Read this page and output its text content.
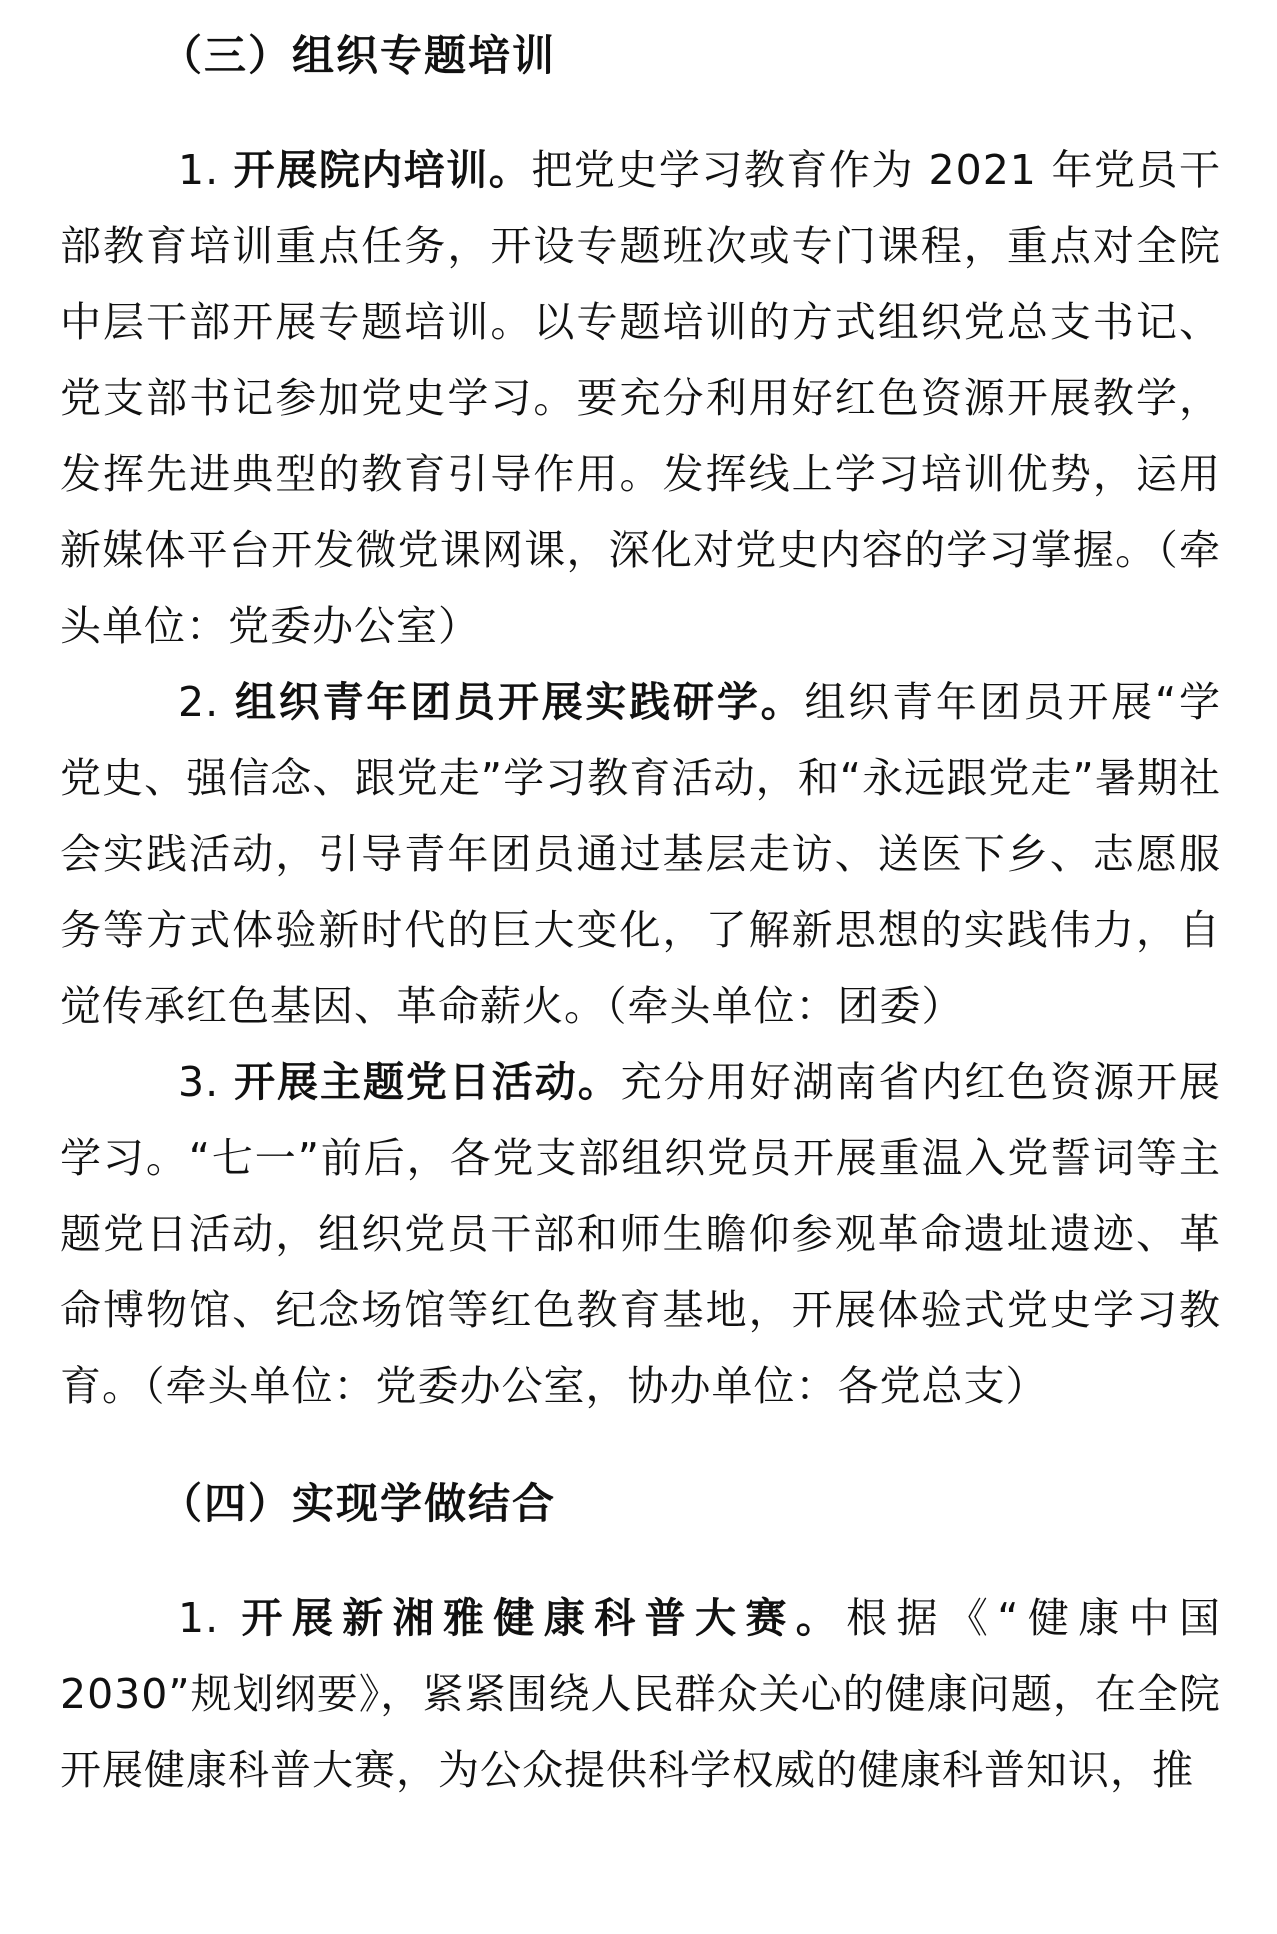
（三）组织专题培训

1. 开展院内培训。把党史学习教育作为 2021 年党员干部教育培训重点任务，开设专题班次或专门课程，重点对全院中层干部开展专题培训。以专题培训的方式组织党总支书记、党支部书记参加党史学习。要充分利用好红色资源开展教学，发挥先进典型的教育引导作用。发挥线上学习培训优势，运用新媒体平台开发微党课网课，深化对党史内容的学习掌握。（牵头单位：党委办公室）

2. 组织青年团员开展实践研学。组织青年团员开展“学党史、强信念、跟党走”学习教育活动，和“永远跟党走”暑期社会实践活动，引导青年团员通过基层走访、送医下乡、志愿服务等方式体验新时代的巨大变化，了解新思想的实践伟力，自觉传承红色基因、革命薪火。（牵头单位：团委）

3. 开展主题党日活动。充分用好湖南省内红色资源开展学习。“七一”前后，各党支部组织党员开展重温入党誓词等主题党日活动，组织党员干部和师生瞻仰参观革命遗址遗迹、革命博物馆、纪念场馆等红色教育基地，开展体验式党史学习教育。（牵头单位：党委办公室，协办单位：各党总支）

（四）实现学做结合

1. 开展新湘雅健康科普大赛。根据《“健康中国2030”规划纲要》，紧紧围绕人民群众关心的健康问题，在全院开展健康科普大赛，为公众提供科学权威的健康科普知识，推
